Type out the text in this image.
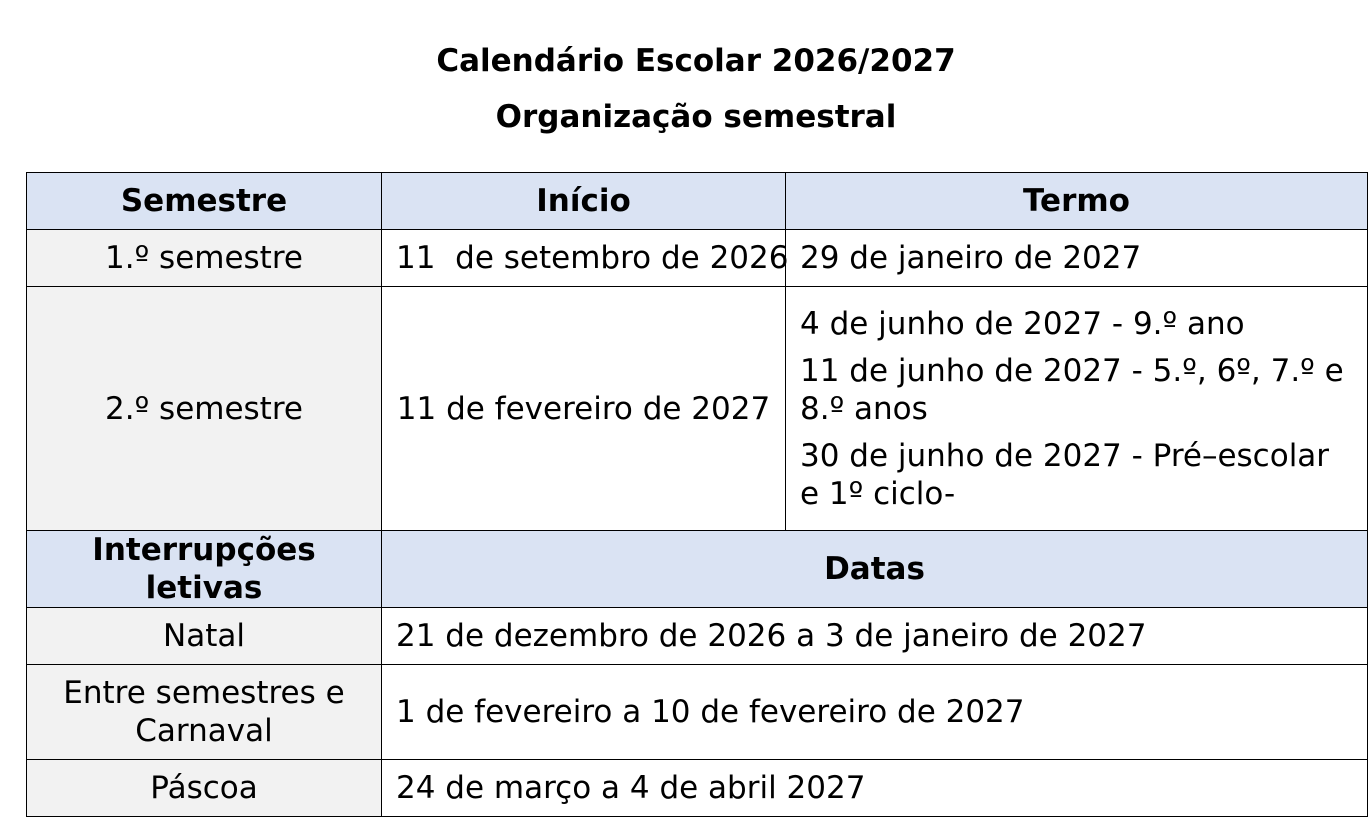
Calendário Escolar 2026/2027
Organização semestral
Semestre	Início	Termo
1.º semestre	11  de setembro de 2026	29 de janeiro de 2027
2.º semestre	11 de fevereiro de 2027	4 de junho de 2027 - 9.º ano
11 de junho de 2027 - 5.º, 6º, 7.º e 8.º anos
30 de junho de 2027 - Pré–escolar e 1º ciclo-

Interrupções letivas	Datas	
Natal	21 de dezembro de 2026 a 3 de janeiro de 2027	
Entre semestres e Carnaval	1 de fevereiro a 10 de fevereiro de 2027	
Páscoa	24 de março a 4 de abril 2027	
